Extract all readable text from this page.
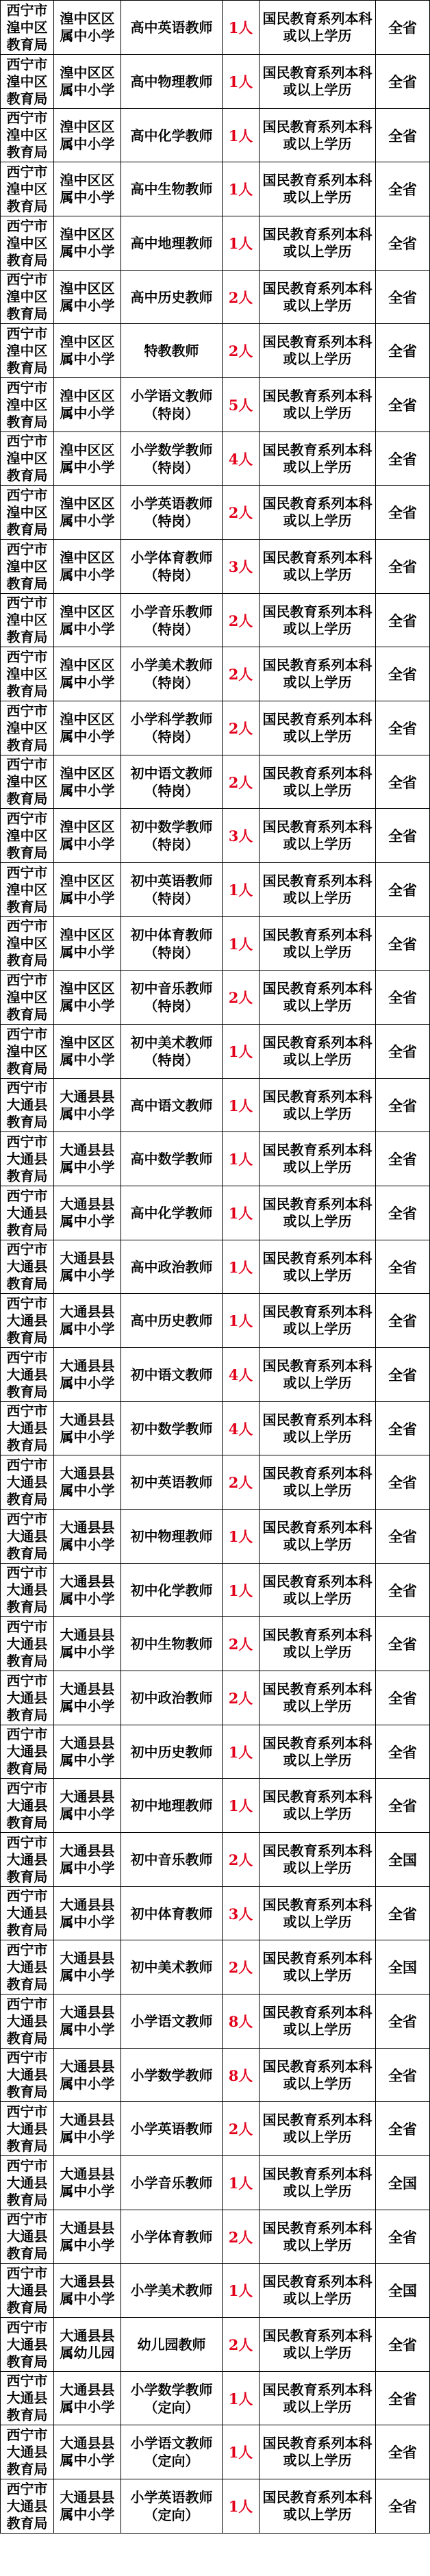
西宁市湟中区教育局	湟中区区属中小学	高中英语教师	1人	国民教育系列本科或以上学历	全省
西宁市湟中区教育局	湟中区区属中小学	高中物理教师	1人	国民教育系列本科或以上学历	全省
西宁市湟中区教育局	湟中区区属中小学	高中化学教师	1人	国民教育系列本科或以上学历	全省
西宁市湟中区教育局	湟中区区属中小学	高中生物教师	1人	国民教育系列本科或以上学历	全省
西宁市湟中区教育局	湟中区区属中小学	高中地理教师	1人	国民教育系列本科或以上学历	全省
西宁市湟中区教育局	湟中区区属中小学	高中历史教师	2人	国民教育系列本科或以上学历	全省
西宁市湟中区教育局	湟中区区属中小学	特教教师	2人	国民教育系列本科或以上学历	全省
西宁市湟中区教育局	湟中区区属中小学	小学语文教师（特岗）	5人	国民教育系列本科或以上学历	全省
西宁市湟中区教育局	湟中区区属中小学	小学数学教师（特岗）	4人	国民教育系列本科或以上学历	全省
西宁市湟中区教育局	湟中区区属中小学	小学英语教师（特岗）	2人	国民教育系列本科或以上学历	全省
西宁市湟中区教育局	湟中区区属中小学	小学体育教师（特岗）	3人	国民教育系列本科或以上学历	全省
西宁市湟中区教育局	湟中区区属中小学	小学音乐教师（特岗）	2人	国民教育系列本科或以上学历	全省
西宁市湟中区教育局	湟中区区属中小学	小学美术教师（特岗）	2人	国民教育系列本科或以上学历	全省
西宁市湟中区教育局	湟中区区属中小学	小学科学教师（特岗）	2人	国民教育系列本科或以上学历	全省
西宁市湟中区教育局	湟中区区属中小学	初中语文教师（特岗）	2人	国民教育系列本科或以上学历	全省
西宁市湟中区教育局	湟中区区属中小学	初中数学教师（特岗）	3人	国民教育系列本科或以上学历	全省
西宁市湟中区教育局	湟中区区属中小学	初中英语教师（特岗）	1人	国民教育系列本科或以上学历	全省
西宁市湟中区教育局	湟中区区属中小学	初中体育教师（特岗）	1人	国民教育系列本科或以上学历	全省
西宁市湟中区教育局	湟中区区属中小学	初中音乐教师（特岗）	2人	国民教育系列本科或以上学历	全省
西宁市湟中区教育局	湟中区区属中小学	初中美术教师（特岗）	1人	国民教育系列本科或以上学历	全省
西宁市大通县教育局	大通县县属中小学	高中语文教师	1人	国民教育系列本科或以上学历	全省
西宁市大通县教育局	大通县县属中小学	高中数学教师	1人	国民教育系列本科或以上学历	全省
西宁市大通县教育局	大通县县属中小学	高中化学教师	1人	国民教育系列本科或以上学历	全省
西宁市大通县教育局	大通县县属中小学	高中政治教师	1人	国民教育系列本科或以上学历	全省
西宁市大通县教育局	大通县县属中小学	高中历史教师	1人	国民教育系列本科或以上学历	全省
西宁市大通县教育局	大通县县属中小学	初中语文教师	4人	国民教育系列本科或以上学历	全省
西宁市大通县教育局	大通县县属中小学	初中数学教师	4人	国民教育系列本科或以上学历	全省
西宁市大通县教育局	大通县县属中小学	初中英语教师	2人	国民教育系列本科或以上学历	全省
西宁市大通县教育局	大通县县属中小学	初中物理教师	1人	国民教育系列本科或以上学历	全省
西宁市大通县教育局	大通县县属中小学	初中化学教师	1人	国民教育系列本科或以上学历	全省
西宁市大通县教育局	大通县县属中小学	初中生物教师	2人	国民教育系列本科或以上学历	全省
西宁市大通县教育局	大通县县属中小学	初中政治教师	2人	国民教育系列本科或以上学历	全省
西宁市大通县教育局	大通县县属中小学	初中历史教师	1人	国民教育系列本科或以上学历	全省
西宁市大通县教育局	大通县县属中小学	初中地理教师	1人	国民教育系列本科或以上学历	全省
西宁市大通县教育局	大通县县属中小学	初中音乐教师	2人	国民教育系列本科或以上学历	全国
西宁市大通县教育局	大通县县属中小学	初中体育教师	3人	国民教育系列本科或以上学历	全省
西宁市大通县教育局	大通县县属中小学	初中美术教师	2人	国民教育系列本科或以上学历	全国
西宁市大通县教育局	大通县县属中小学	小学语文教师	8人	国民教育系列本科或以上学历	全省
西宁市大通县教育局	大通县县属中小学	小学数学教师	8人	国民教育系列本科或以上学历	全省
西宁市大通县教育局	大通县县属中小学	小学英语教师	2人	国民教育系列本科或以上学历	全省
西宁市大通县教育局	大通县县属中小学	小学音乐教师	1人	国民教育系列本科或以上学历	全国
西宁市大通县教育局	大通县县属中小学	小学体育教师	2人	国民教育系列本科或以上学历	全省
西宁市大通县教育局	大通县县属中小学	小学美术教师	1人	国民教育系列本科或以上学历	全国
西宁市大通县教育局	大通县县属幼儿园	幼儿园教师	2人	国民教育系列本科或以上学历	全省
西宁市大通县教育局	大通县县属中小学	小学数学教师（定向）	1人	国民教育系列本科或以上学历	全省
西宁市大通县教育局	大通县县属中小学	小学语文教师（定向）	1人	国民教育系列本科或以上学历	全省
西宁市大通县教育局	大通县县属中小学	小学英语教师（定向）	1人	国民教育系列本科或以上学历	全省
